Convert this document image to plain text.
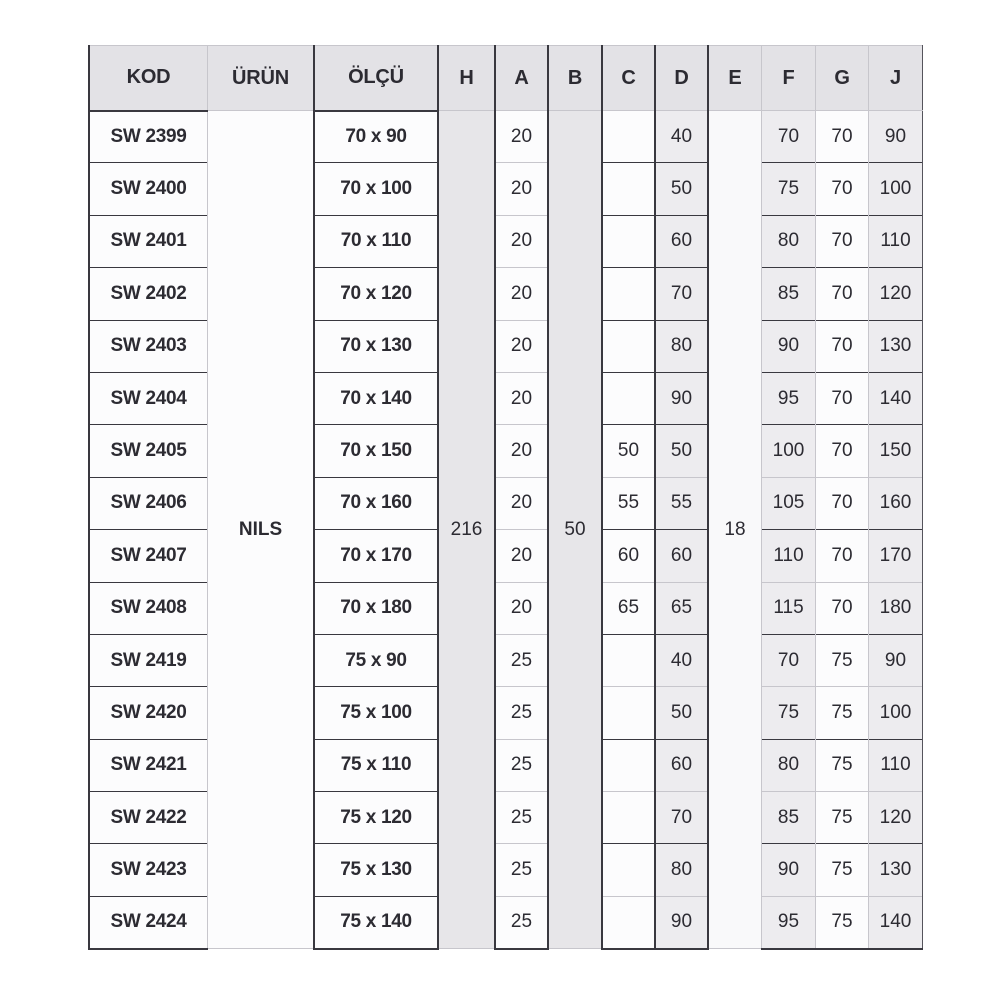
KOD	ÜRÜN	ÖLÇÜ	H	A	B	C	D	E	F	G	J
SW 2399	NILS	70 x 90	216	20	50		40	18	70	70	90
SW 2400		70 x 100		20			50		75	70	100
SW 2401		70 x 110		20			60		80	70	110
SW 2402		70 x 120		20			70		85	70	120
SW 2403		70 x 130		20			80		90	70	130
SW 2404		70 x 140		20			90		95	70	140
SW 2405		70 x 150		20		50	50		100	70	150
SW 2406		70 x 160		20		55	55		105	70	160
SW 2407		70 x 170		20		60	60		110	70	170
SW 2408		70 x 180		20		65	65		115	70	180
SW 2419		75 x 90		25			40		70	75	90
SW 2420		75 x 100		25			50		75	75	100
SW 2421		75 x 110		25			60		80	75	110
SW 2422		75 x 120		25			70		85	75	120
SW 2423		75 x 130		25			80		90	75	130
SW 2424		75 x 140		25			90		95	75	140
